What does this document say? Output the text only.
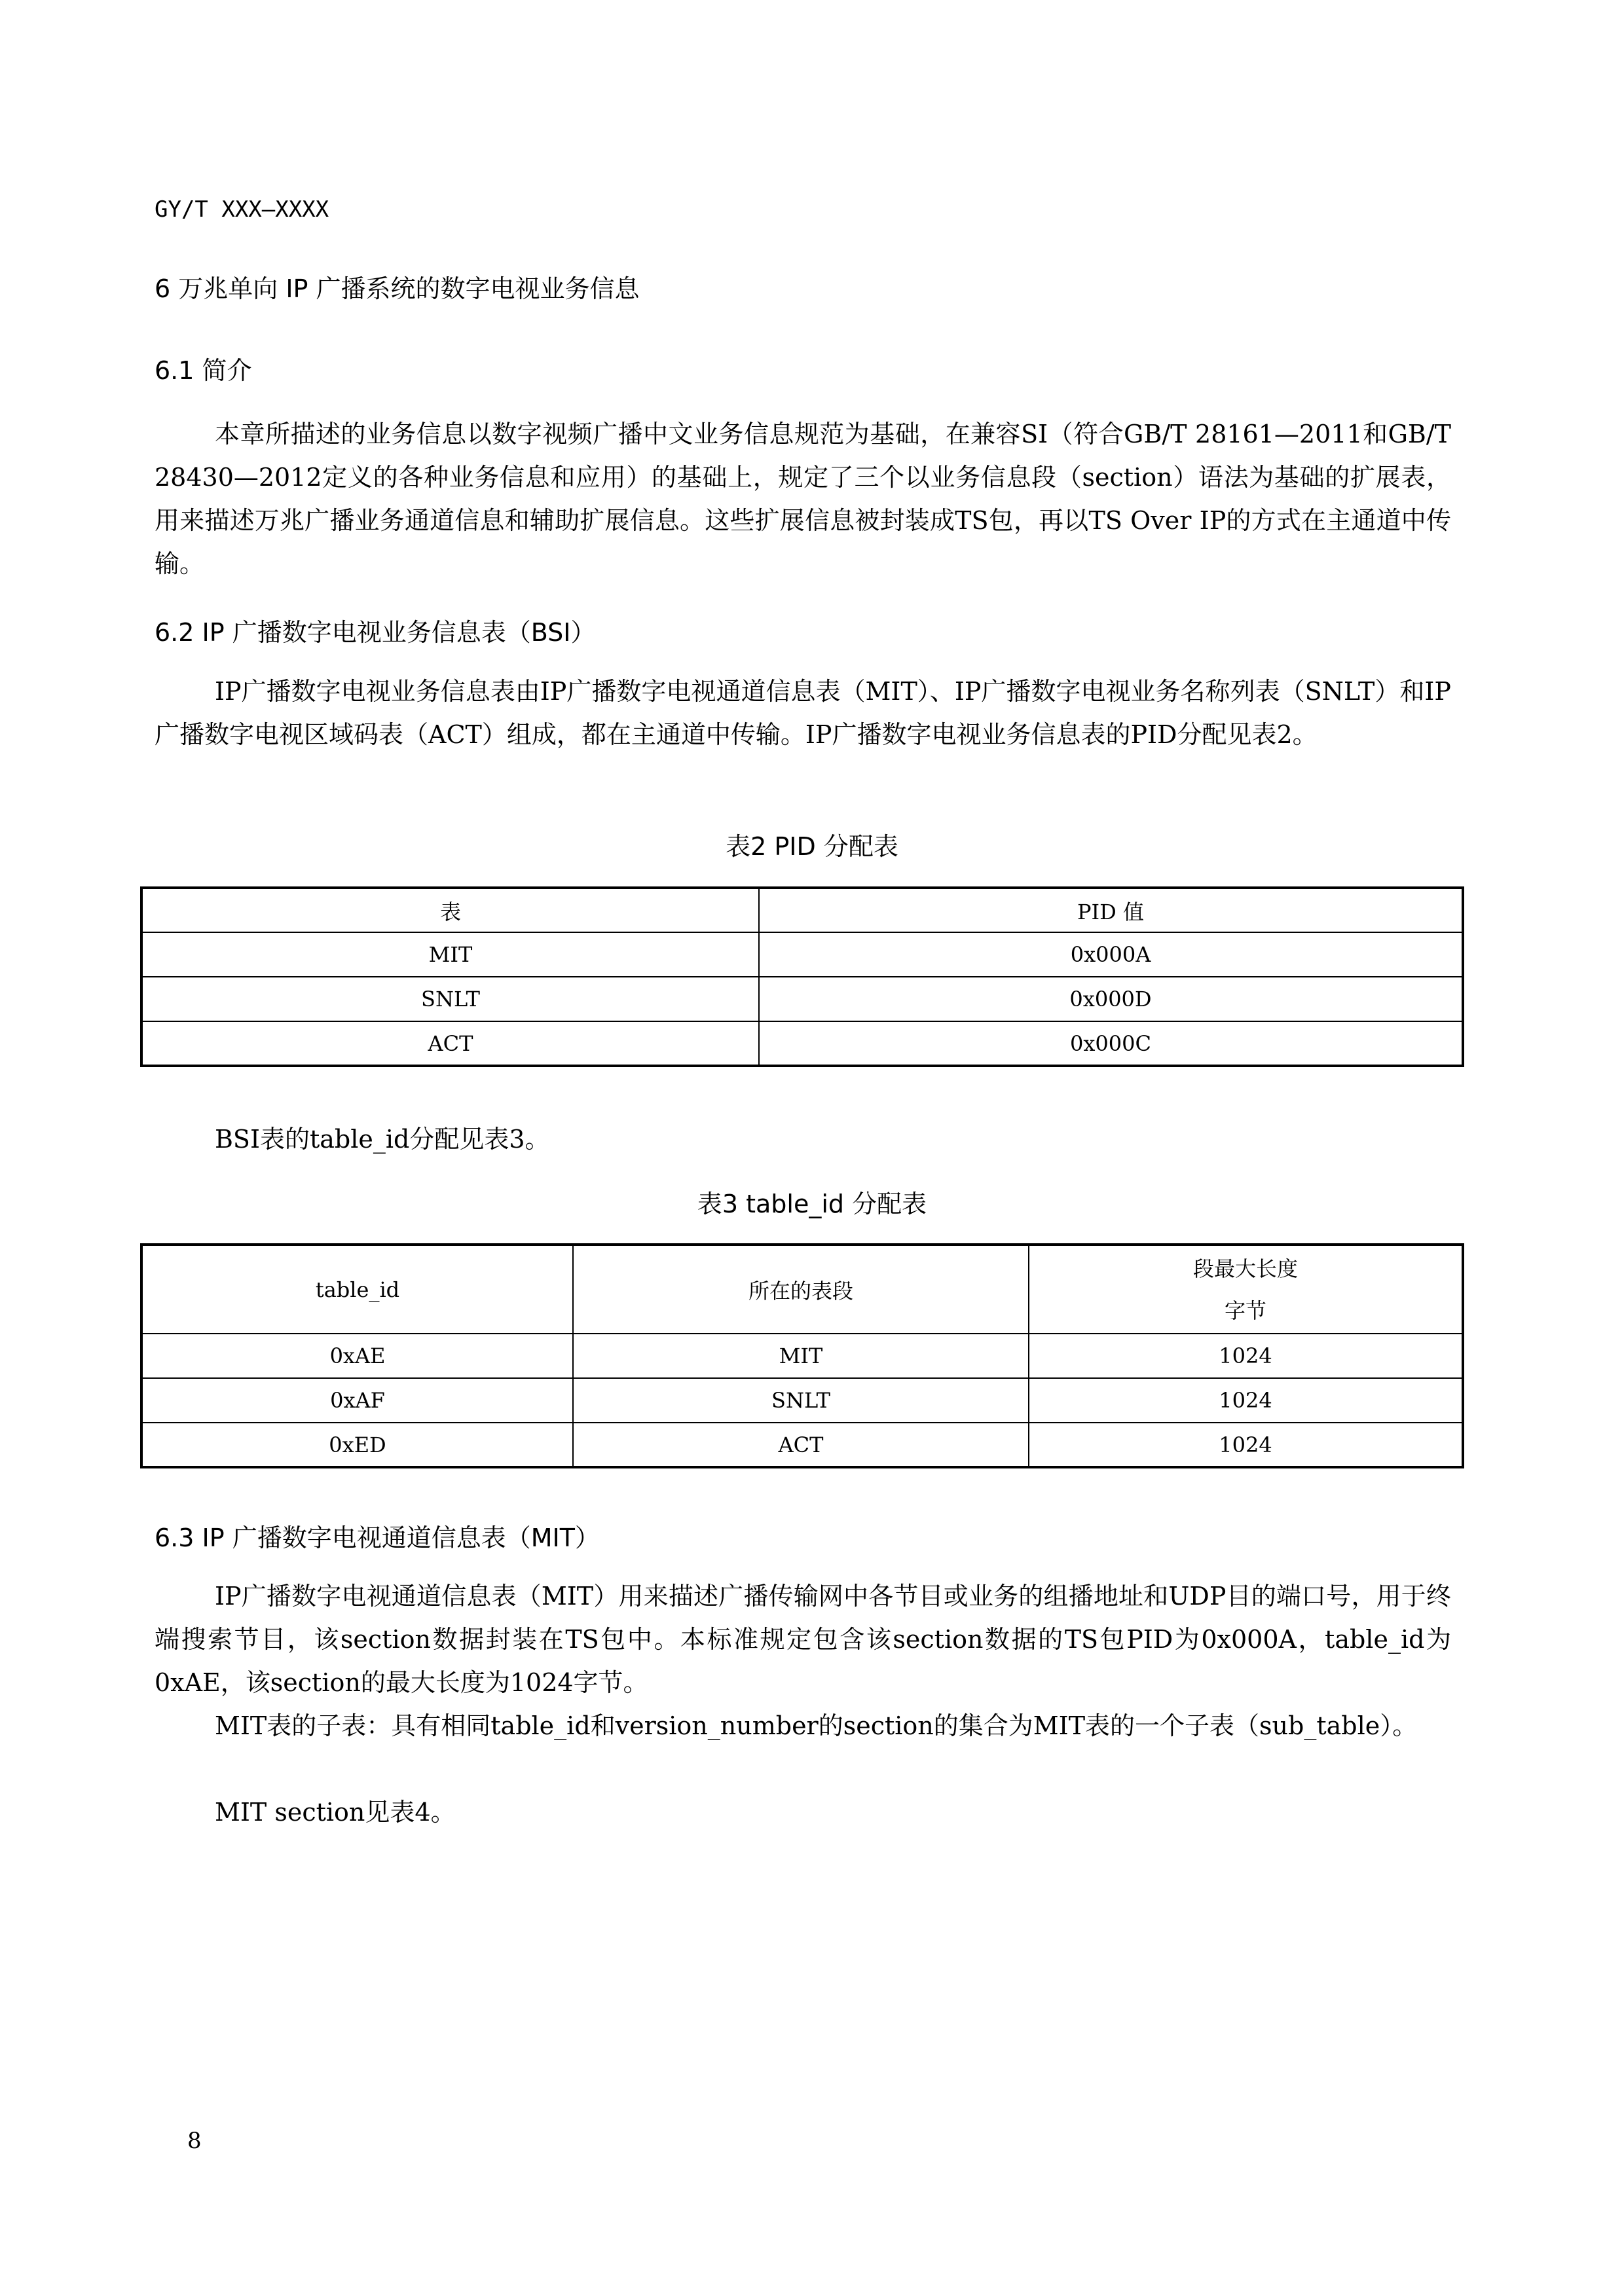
GY/T XXX—XXXX
6 万兆单向 IP 广播系统的数字电视业务信息
6.1 简介

本章所描述的业务信息以数字视频广播中文业务信息规范为基础，在兼容SI（符合GB/T 28161—2011和GB/T 28430—2012定义的各种业务信息和应用）的基础上，规定了三个以业务信息段（section）语法为基础的扩展表，用来描述万兆广播业务通道信息和辅助扩展信息。这些扩展信息被封装成TS包，再以TS Over IP的方式在主通道中传输。

6.2 IP 广播数字电视业务信息表（BSI）

IP广播数字电视业务信息表由IP广播数字电视通道信息表（MIT）、IP广播数字电视业务名称列表（SNLT）和IP广播数字电视区域码表（ACT）组成，都在主通道中传输。IP广播数字电视业务信息表的PID分配见表2。

表2 PID 分配表
表	PID 值
MIT	0x000A
SNLT	0x000D
ACT	0x000C

BSI表的table_id分配见表3。

表3 table_id 分配表
table_id	所在的表段	段最大长度
字节

0xAE	MIT	1024
0xAF	SNLT	1024
0xED	ACT	1024
6.3 IP 广播数字电视通道信息表（MIT）

IP广播数字电视通道信息表（MIT）用来描述广播传输网中各节目或业务的组播地址和UDP目的端口号，用于终端搜索节目，该section数据封装在TS包中。本标准规定包含该section数据的TS包PID为0x000A，table_id为0xAE，该section的最大长度为1024字节。

MIT表的子表：具有相同table_id和version_number的section的集合为MIT表的一个子表（sub_table）。

MIT section见表4。

8
